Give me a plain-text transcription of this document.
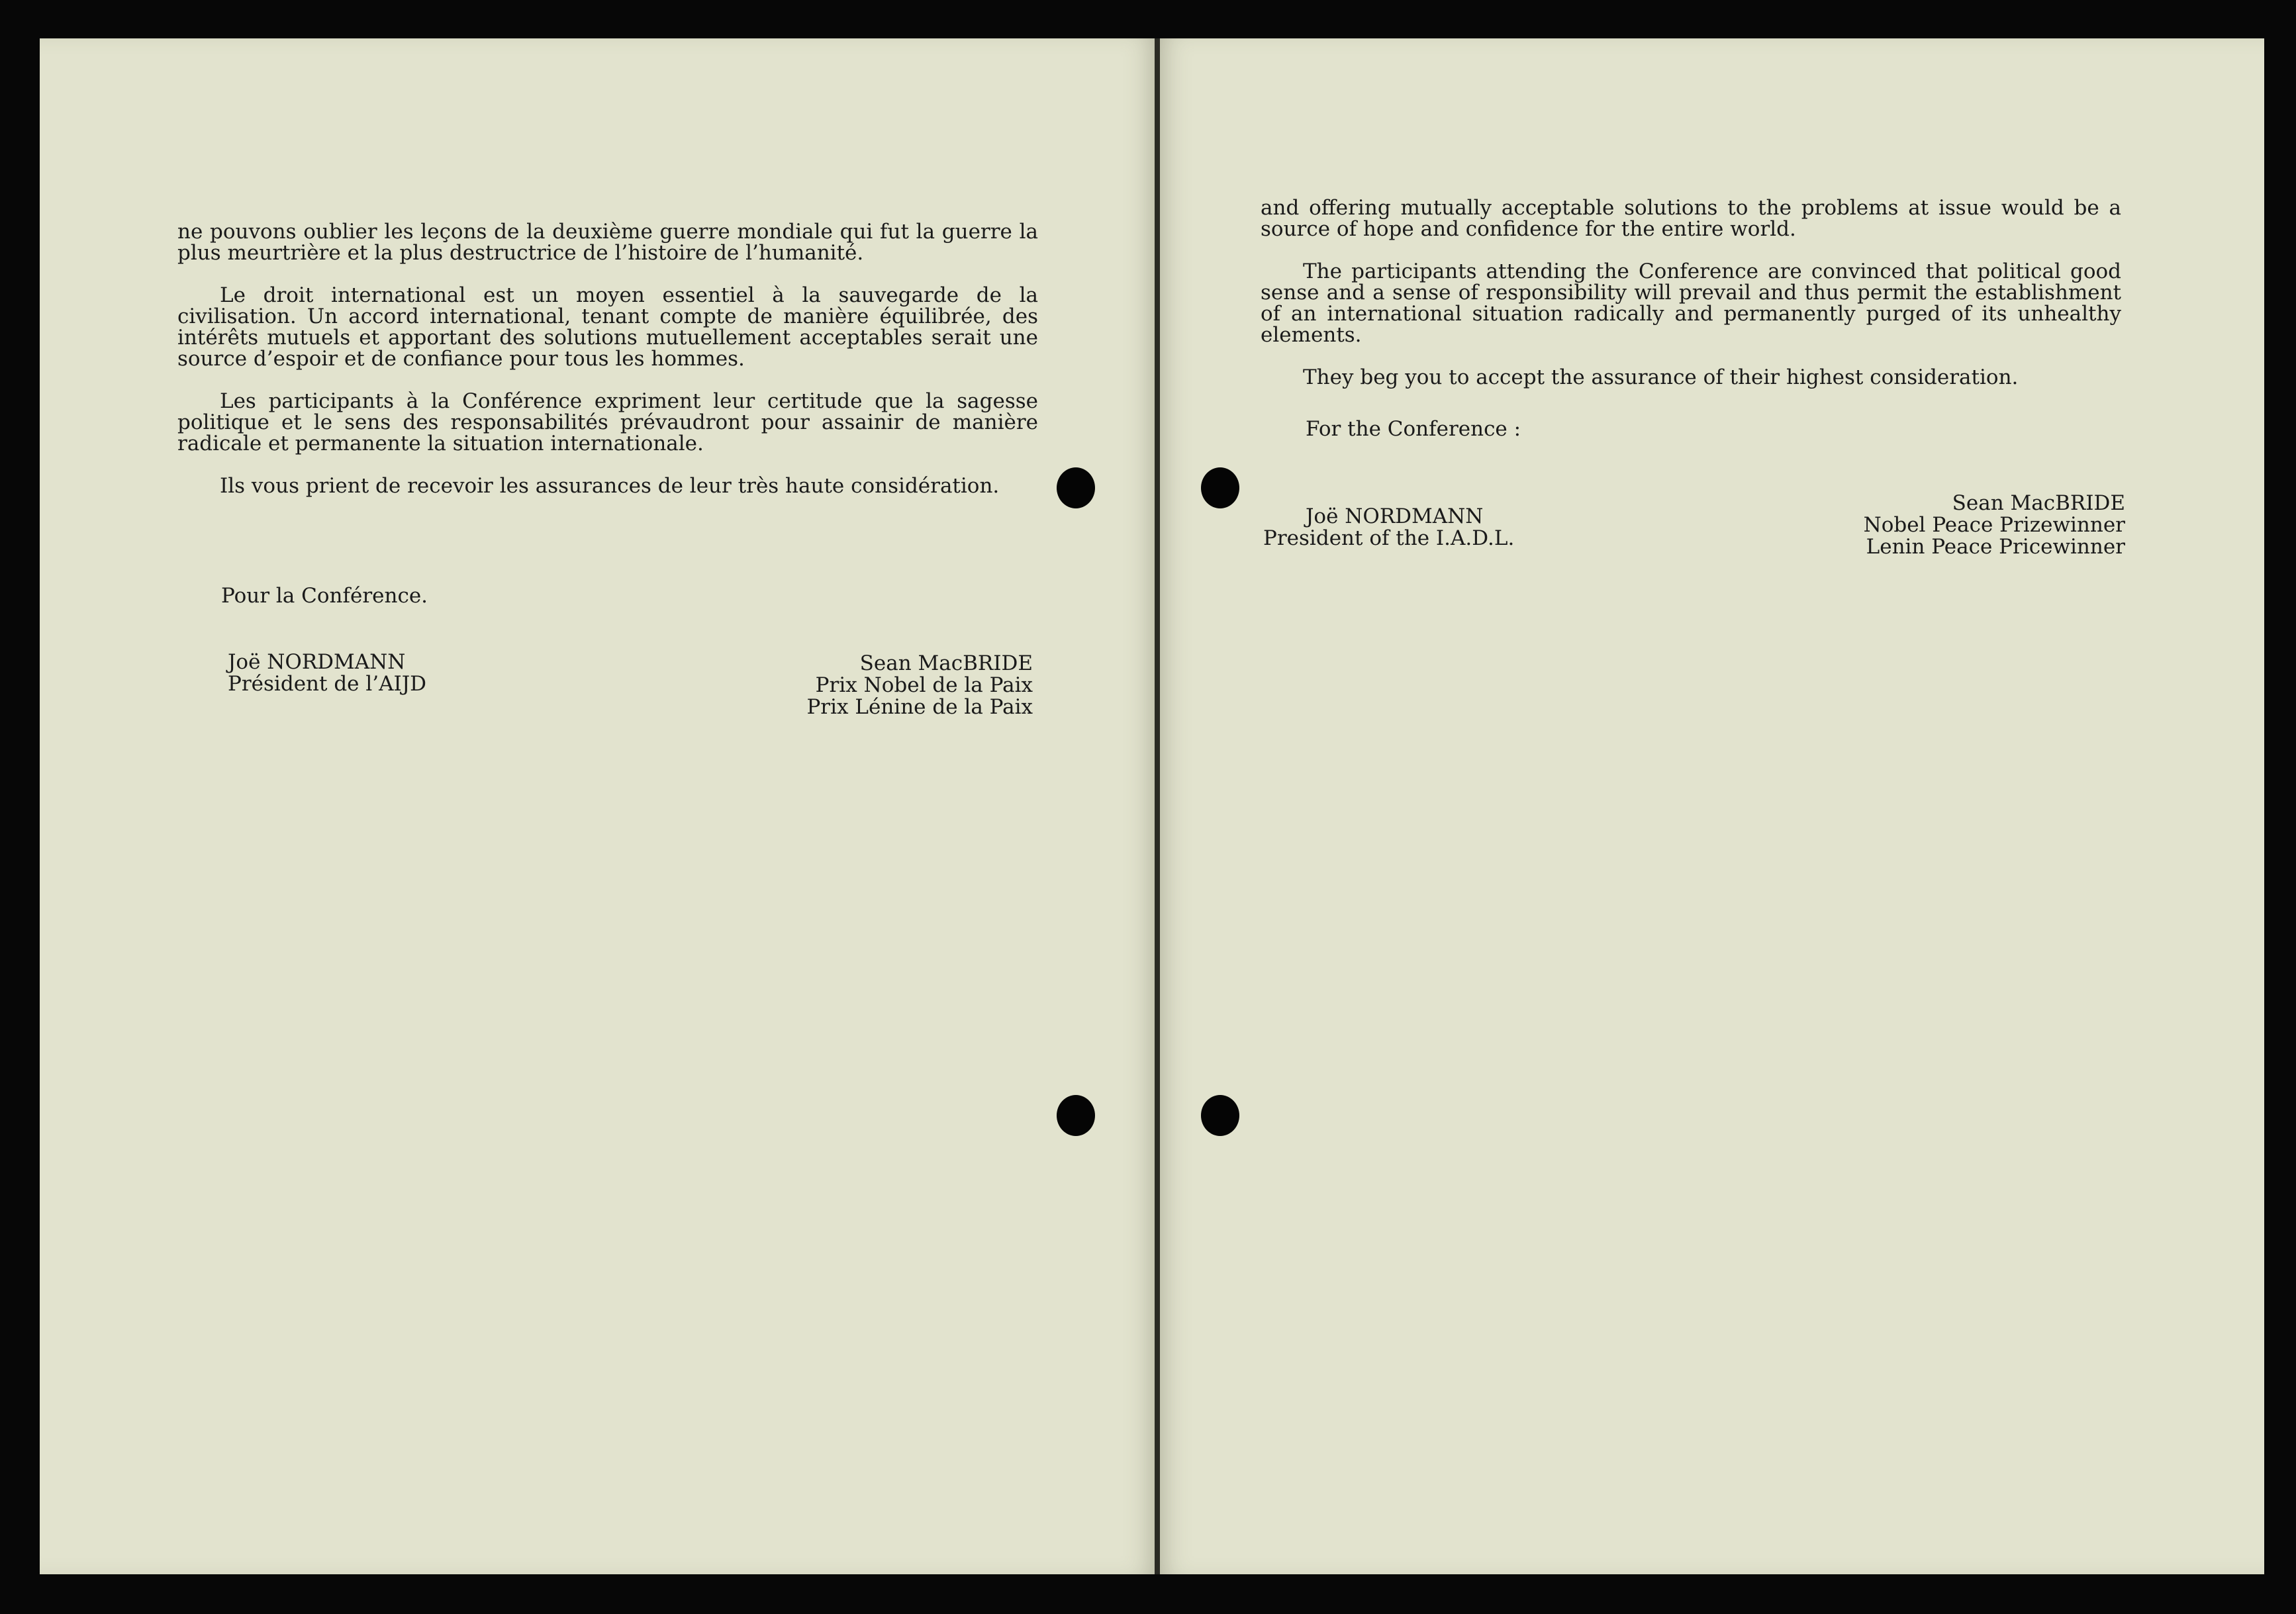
ne pouvons oublier les leçons de la deuxième guerre mondiale qui fut la guerre la plus meurtrière et la plus destructrice de l’histoire de l’humanité.

Le droit international est un moyen essentiel à la sauvegarde de la civilisation. Un accord international, tenant compte de manière équilibrée, des intérêts mutuels et apportant des solutions mutuellement acceptables serait une source d’espoir et de confiance pour tous les hommes.

Les participants à la Conférence expriment leur certitude que la sagesse politique et le sens des responsabilités prévaudront pour assainir de manière radicale et permanente la situation internationale.

Ils vous prient de recevoir les assurances de leur très haute considération.

Pour la Conférence.
Joë NORDMANN
Président de l’AIJD
Sean MacBRIDE
Prix Nobel de la Paix
Prix Lénine de la Paix

and offering mutually acceptable solutions to the problems at issue would be a source of hope and confidence for the entire world.

The participants attending the Conference are convinced that political good sense and a sense of responsibility will prevail and thus permit the establishment of an international situation radically and permanently purged of its unhealthy elements.

They beg you to accept the assurance of their highest consideration.

For the Conference :
Joë NORDMANN
President of the I.A.D.L.
Sean MacBRIDE
Nobel Peace Prizewinner
Lenin Peace Pricewinner
